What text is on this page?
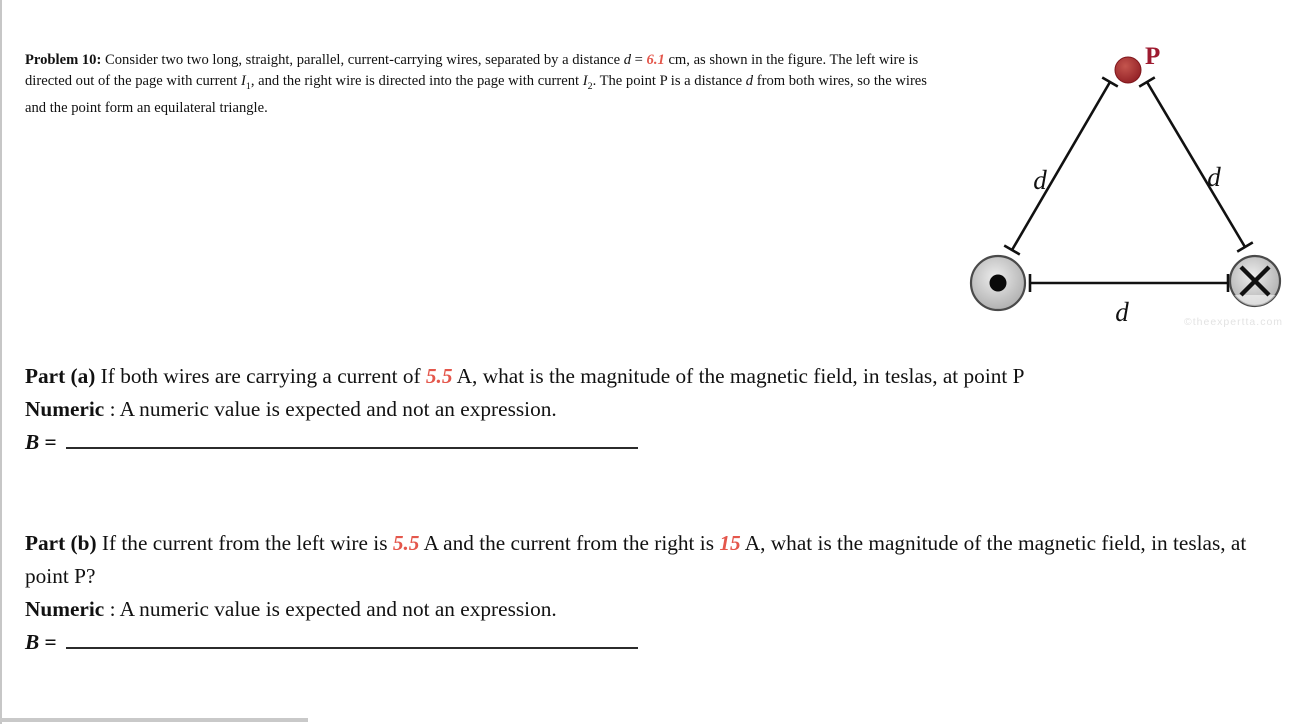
Problem 10: Consider two two long, straight, parallel, current-carrying wires, separated by a distance d = 6.1 cm, as shown in the figure. The left wire is directed out of the page with current $I_1$, and the right wire is directed into the page with current $I_2$. The point P is a distance d from both wires, so the wires and the point form an equilateral triangle.

P
d	d
d	©theexpertta.com
Part (a) If both wires are carrying a current of 5.5 A, what is the magnitude of the magnetic field, in teslas, at point P
Numeric : A numeric value is expected and not an expression.
B =
Part (b) If the current from the left wire is 5.5 A and the current from the right is 15 A, what is the magnitude of the magnetic field, in teslas, at point P?
Numeric : A numeric value is expected and not an expression.
B =
